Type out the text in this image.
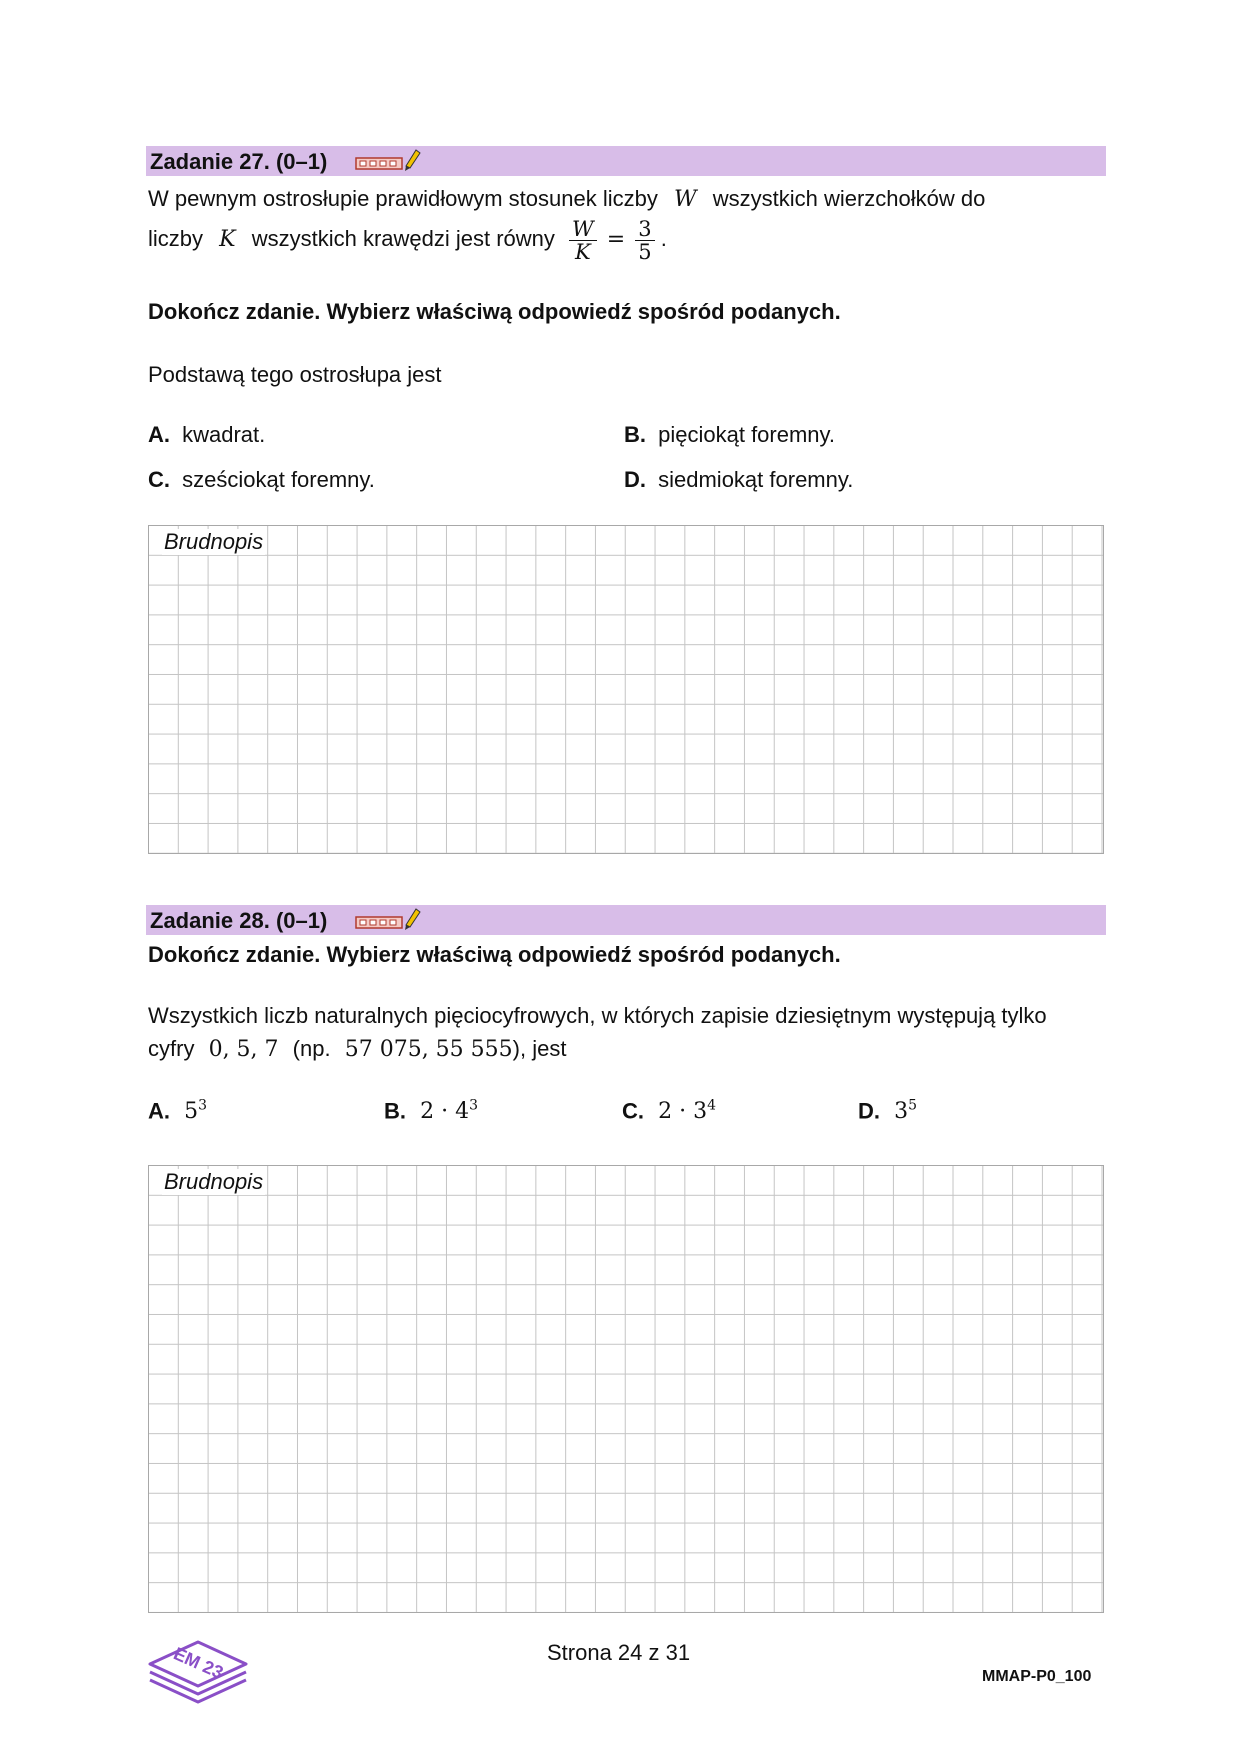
Zadanie 27. (0–1)
W pewnym ostrosłupie prawidłowym stosunek liczby W wszystkich wierzchołków do
liczby K wszystkich krawędzi jest równy $\frac{W}{K} = \frac{3}{5}$ .
Dokończ zdanie. Wybierz właściwą odpowiedź spośród podanych.
Podstawą tego ostrosłupa jest
A. kwadrat.	B. pięciokąt foremny.
C. sześciokąt foremny.	D. siedmiokąt foremny.
Brudnopis
Zadanie 28. (0–1)
Dokończ zdanie. Wybierz właściwą odpowiedź spośród podanych.
Wszystkich liczb naturalnych pięciocyfrowych, w których zapisie dziesiętnym występują tylko
cyfry 0, 5, 7 (np. 57 075, 55 555), jest
A. $5^3$	B. $2 \cdot 4^3$	C. $2 \cdot 3^4$	D. $3^5$
Brudnopis
EM 23	Strona 24 z 31
MMAP-P0_100
